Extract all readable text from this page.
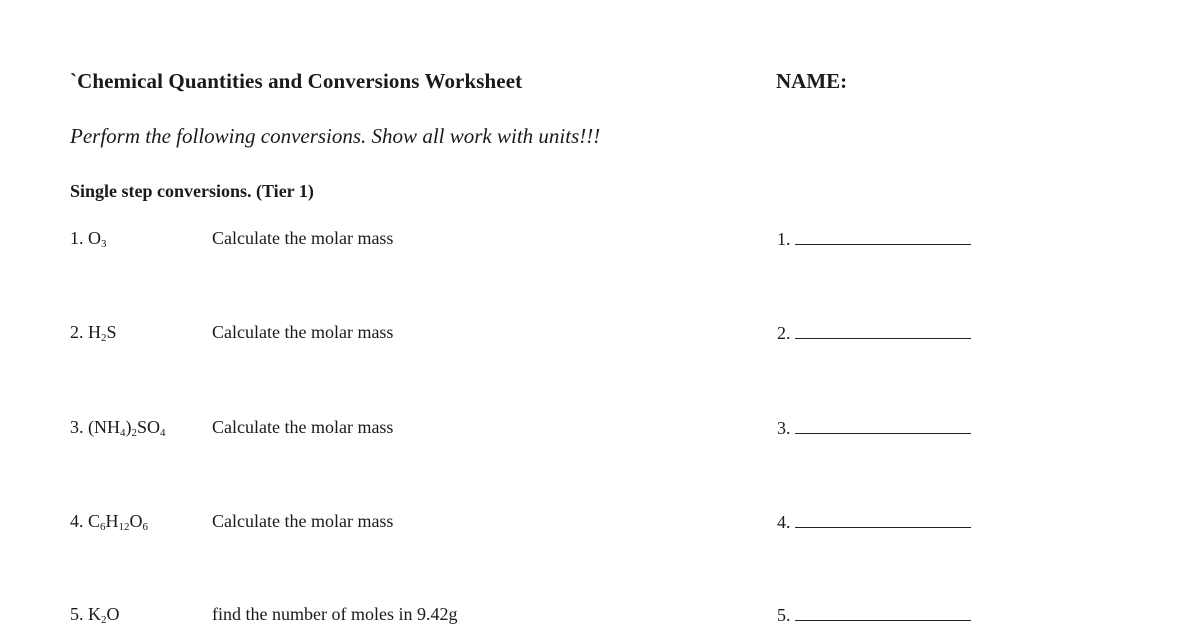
`Chemical Quantities and Conversions Worksheet	NAME:
Perform the following conversions. Show all work with units!!!
Single step conversions. (Tier 1)
1. $O_3$	Calculate the molar mass	1.
2. $H_2S$	Calculate the molar mass	2.
3. $(NH_4)_2SO_4$	Calculate the molar mass	3.
4. $C_6H_{12}O_6$	Calculate the molar mass	4.
5. $K_2O$	find the number of moles in 9.42g	5.
